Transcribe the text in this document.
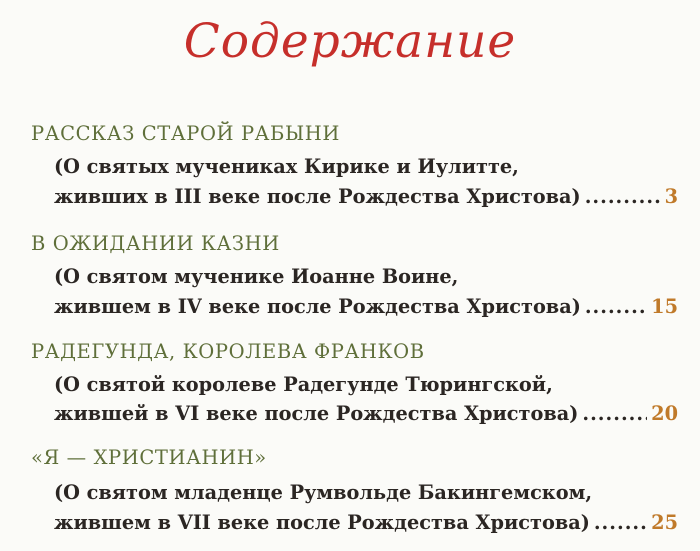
Содержание
РАССКАЗ СТАРОЙ РАБЫНИ
(О святых мучениках Кирике и Иулитте,
живших в III веке после Рождества Христова) .....	3
В ОЖИДАНИИ КАЗНИ
(О святом мученике Иоанне Воине,
жившем в IV веке после Рождества Христова) .....	15
РАДЕГУНДА, КОРОЛЕВА ФРАНКОВ
(О святой королеве Радегунде Тюрингской,
жившей в VI веке после Рождества Христова) .....	20
«Я — ХРИСТИАНИН»
(О святом младенце Румвольде Бакингемском,
жившем в VII веке после Рождества Христова) .....	25
